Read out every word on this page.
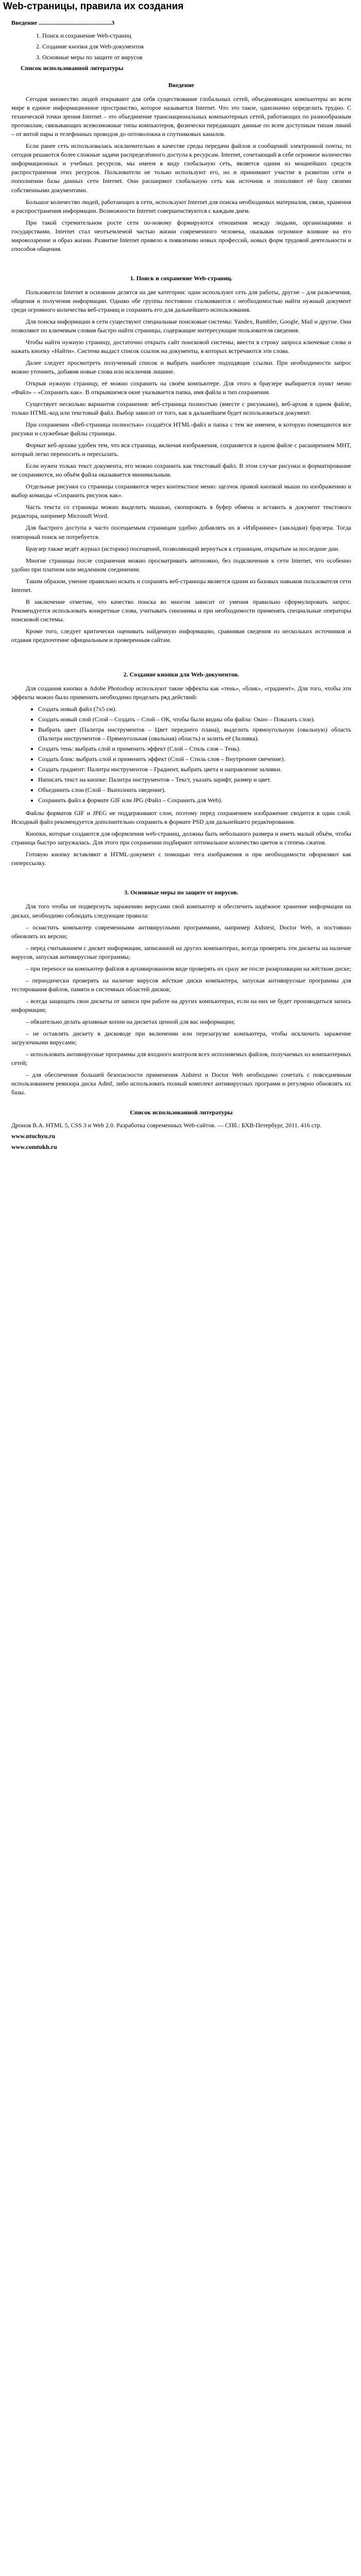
Web-страницы, правила их создания
Введение ...............................................3
1. Поиск и сохранение Web-страниц
2. Создание кнопки для Web-документов
3. Основные меры по защите от вирусов
Список использованной литературы
Введение

Сегодня множество людей открывают для себя существование глобальных сетей, объединяющих компьютеры во всем мире в единое информационное пространство, которое называется Internet. Что это такое, однозначно определить трудно. С технической точки зрения Internet – это объединение транснациональных компьютерных сетей, работающих по разнообразным протоколам, связывающих всевозможные типы компьютеров, физически передающих данные по всем доступным типам линий – от витой пары и телефонных проводов до оптоволокна и спутниковых каналов.

Если ранее сеть использовалась исключительно в качестве среды передачи файлов и сообщений электронной почты, то сегодня решаются более сложные задачи распределённого доступа к ресурсам. Internet, сочетающий в себе огромное количество информационных и учебных ресурсов, мы имеем в виду глобальную сеть, является одним из мощнейших средств распространения этих ресурсов. Пользователи не только используют его, но и принимают участие в развитии сети и пополнении базы данных сети Internet. Они расширяют глобальную сеть как источник и пополняют её базу своими собственными документами.

Большое количество людей, работающих в сети, используют Internet для поиска необходимых материалов, связи, хранения и распространения информации. Возможности Internet совершенствуются с каждым днем.

При такой стремительном росте сети по-новому формируются отношения между людьми, организациями и государствами. Internet стал неотъемлемой частью жизни современного человека, оказывая огромное влияние на его мировоззрение и образ жизни. Развитие Internet привело к появлению новых профессий, новых форм трудовой деятельности и способов общения.

1. Поиск и сохранение Web-страниц.

Пользователи Internet в основном делятся на две категории: одни используют сеть для работы, другие – для развлечения, общения и получения информации. Однако обе группы постоянно сталкиваются с необходимостью найти нужный документ среди огромного количества веб-страниц и сохранить его для дальнейшего использования.

Для поиска информации в сети существуют специальные поисковые системы: Yandex, Rambler, Google, Mail и другие. Они позволяют по ключевым словам быстро найти страницы, содержащие интересующие пользователя сведения.

Чтобы найти нужную страницу, достаточно открыть сайт поисковой системы, ввести в строку запроса ключевые слова и нажать кнопку «Найти». Система выдаст список ссылок на документы, в которых встречаются эти слова.

Далее следует просмотреть полученный список и выбрать наиболее подходящие ссылки. При необходимости запрос можно уточнить, добавив новые слова или исключив лишние.

Открыв нужную страницу, её можно сохранить на своём компьютере. Для этого в браузере выбирается пункт меню «Файл» – «Сохранить как». В открывшемся окне указывается папка, имя файла и тип сохранения.

Существует несколько вариантов сохранения: веб-страница полностью (вместе с рисунками), веб-архив в одном файле, только HTML-код или текстовый файл. Выбор зависит от того, как в дальнейшем будет использоваться документ.

При сохранении «Веб-страница полностью» создаётся HTML-файл и папка с тем же именем, в которую помещаются все рисунки и служебные файлы страницы.

Формат веб-архива удобен тем, что вся страница, включая изображения, сохраняется в одном файле с расширением MHT, который легко переносить и пересылать.

Если нужен только текст документа, его можно сохранить как текстовый файл. В этом случае рисунки и форматирование не сохраняются, но объём файла оказывается минимальным.

Отдельные рисунки со страницы сохраняются через контекстное меню: щелчок правой кнопкой мыши по изображению и выбор команды «Сохранить рисунок как».

Часть текста со страницы можно выделить мышью, скопировать в буфер обмена и вставить в документ текстового редактора, например Microsoft Word.

Для быстрого доступа к часто посещаемым страницам удобно добавлять их в «Избранное» (закладки) браузера. Тогда повторный поиск не потребуется.

Браузер также ведёт журнал (историю) посещений, позволяющий вернуться к страницам, открытым за последние дни.

Многие страницы после сохранения можно просматривать автономно, без подключения к сети Internet, что особенно удобно при платном или медленном соединении.

Таким образом, умение правильно искать и сохранять веб-страницы является одним из базовых навыков пользователя сети Internet.

В заключение отметим, что качество поиска во многом зависит от умения правильно сформулировать запрос. Рекомендуется использовать конкретные слова, учитывать синонимы и при необходимости применять специальные операторы поисковой системы.

Кроме того, следует критически оценивать найденную информацию, сравнивая сведения из нескольких источников и отдавая предпочтение официальным и проверенным сайтам.

2. Создание кнопки для Web-документов.

Для создания кнопки в Adobe Photoshop используют такие эффекты как «тень», «блик», «градиент». Для того, чтобы эти эффекты можно было применить необходимо проделать ряд действий:

• Создать новый файл (7х5 см).
• Создать новый слой (Слой – Создать – Слой – ОК, чтобы были видны оба файла: Окно – Показать слои).
• Выбрать цвет (Палитра инструментов – Цвет переднего плана), выделить прямоугольную (овальную) область (Палитра инструментов – Прямоугольная (овальная) область) и залить её (Заливка).
• Создать тень: выбрать слой и применить эффект (Слой – Стиль слоя – Тень).
• Создать блик: выбрать слой и применить эффект (Слой – Стиль слоя – Внутреннее свечение).
• Создать градиент: Палитра инструментов – Градиент, выбрать цвета и направление заливки.
• Написать текст на кнопке: Палитра инструментов – Текст, указать шрифт, размер и цвет.
• Объединить слои (Слой – Выполнить сведение).
• Сохранить файл в формате GIF или JPG (Файл – Сохранить для Web).

Файлы форматов GIF и JPEG не поддерживают слои, поэтому перед сохранением изображение сводится в один слой. Исходный файл рекомендуется дополнительно сохранить в формате PSD для дальнейшего редактирования.

Кнопки, которые создаются для оформления web-страниц, должны быть небольшого размера и иметь малый объём, чтобы страница быстро загружалась. Для этого при сохранении подбирают оптимальное количество цветов и степень сжатия.

Готовую кнопку вставляют в HTML-документ с помощью тега изображения и при необходимости оформляют как гиперссылку.

3. Основные меры по защите от вирусов.

Для того чтобы не подвергнуть заражению вирусами свой компьютер и обеспечить надёжное хранение информации на дисках, необходимо соблюдать следующие правила:

– оснастить компьютер современными антивирусными программами, например Aidstest, Doctor Web, и постоянно обновлять их версии;

– перед считыванием с дискет информации, записанной на других компьютерах, всегда проверять эти дискеты на наличие вирусов, запуская антивирусные программы;

– при переносе на компьютер файлов в архивированном виде проверять их сразу же после разархивации на жёстком диске;

– периодически проверять на наличие вирусов жёсткие диски компьютера, запуская антивирусные программы для тестирования файлов, памяти и системных областей дисков;

– всегда защищать свои дискеты от записи при работе на других компьютерах, если на них не будет производиться запись информации;

– обязательно делать архивные копии на дискетах ценной для вас информации;

– не оставлять дискету в дисководе при включении или перезагрузке компьютера, чтобы исключить заражение загрузочными вирусами;

– использовать антивирусные программы для входного контроля всех исполняемых файлов, получаемых из компьютерных сетей;

– для обеспечения большей безопасности применения Aidstest и Doctor Web необходимо сочетать с повседневным использованием ревизора диска Adinf, либо использовать полный комплект антивирусных программ и регулярно обновлять их базы.

Список использованной литературы

Дронов В.А. HTML 5, CSS 3 и Web 2.0. Разработка современных Web-сайтов. — СПб.: БХВ-Петербург, 2011. 416 стр.

www.ntuchyu.ru

www.comtukh.ru
